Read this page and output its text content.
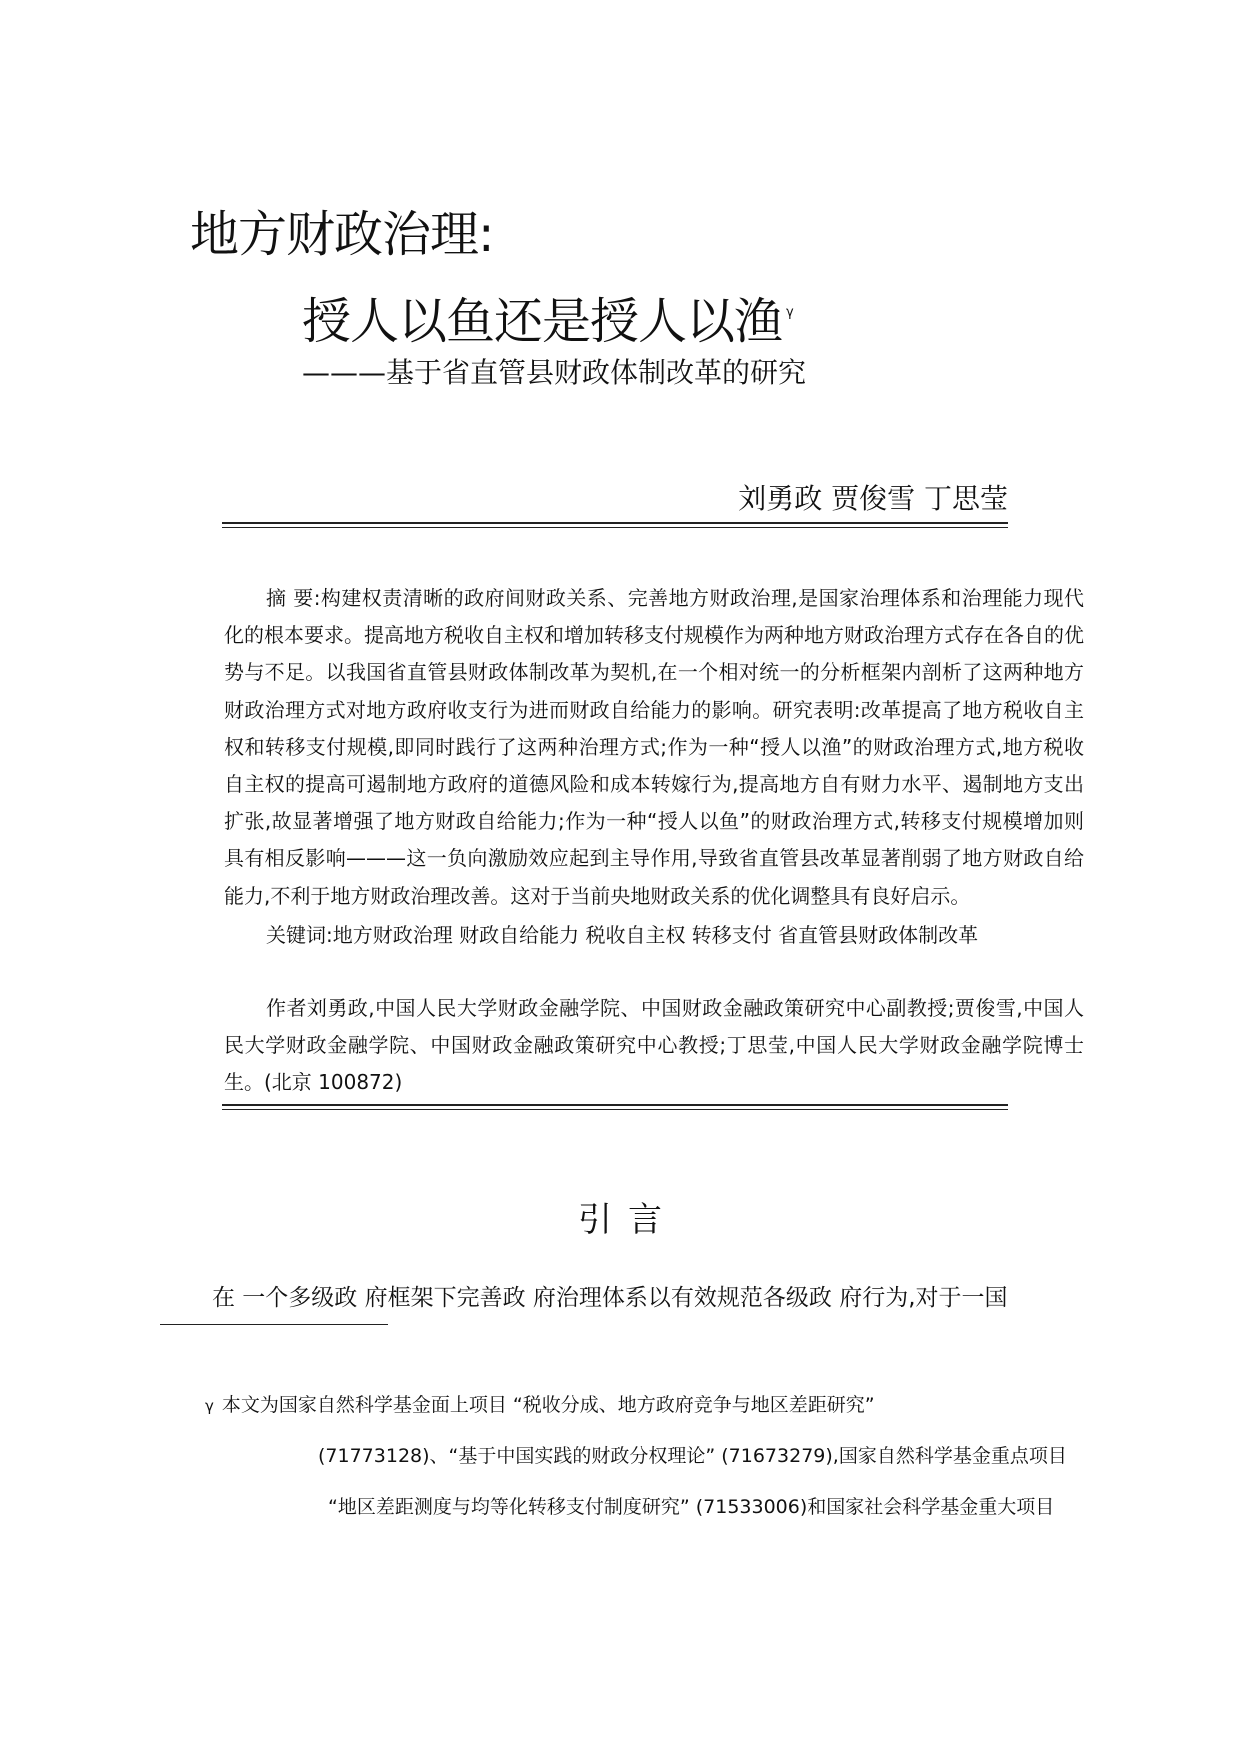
地方财政治理:
授人以鱼还是授人以渔 $^\gamma$
———基于省直管县财政体制改革的研究
刘勇政 贾俊雪 丁思莹

摘 要:构建权责清晰的政府间财政关系、完善地方财政治理,是国家治理体系和治理能力现代化的根本要求。提高地方税收自主权和增加转移支付规模作为两种地方财政治理方式存在各自的优势与不足。以我国省直管县财政体制改革为契机,在一个相对统一的分析框架内剖析了这两种地方财政治理方式对地方政府收支行为进而财政自给能力的影响。研究表明:改革提高了地方税收自主权和转移支付规模,即同时践行了这两种治理方式;作为一种“授人以渔”的财政治理方式,地方税收自主权的提高可遏制地方政府的道德风险和成本转嫁行为,提高地方自有财力水平、遏制地方支出扩张,故显著增强了地方财政自给能力;作为一种“授人以鱼”的财政治理方式,转移支付规模增加则具有相反影响———这一负向激励效应起到主导作用,导致省直管县改革显著削弱了地方财政自给能力,不利于地方财政治理改善。这对于当前央地财政关系的优化调整具有良好启示。

关键词:地方财政治理 财政自给能力 税收自主权 转移支付 省直管县财政体制改革

作者刘勇政,中国人民大学财政金融学院、中国财政金融政策研究中心副教授;贾俊雪,中国人民大学财政金融学院、中国财政金融政策研究中心教授;丁思莹,中国人民大学财政金融学院博士生。(北京 100872)

引言
在 一个多级政 府框架下完善政 府治理体系以有效规范各级政 府行为,对于一国
γ 本文为国家自然科学基金面上项目 “税收分成、地方政府竞争与地区差距研究”
(71773128)、“基于中国实践的财政分权理论” (71673279),国家自然科学基金重点项目
“地区差距测度与均等化转移支付制度研究” (71533006)和国家社会科学基金重大项目
